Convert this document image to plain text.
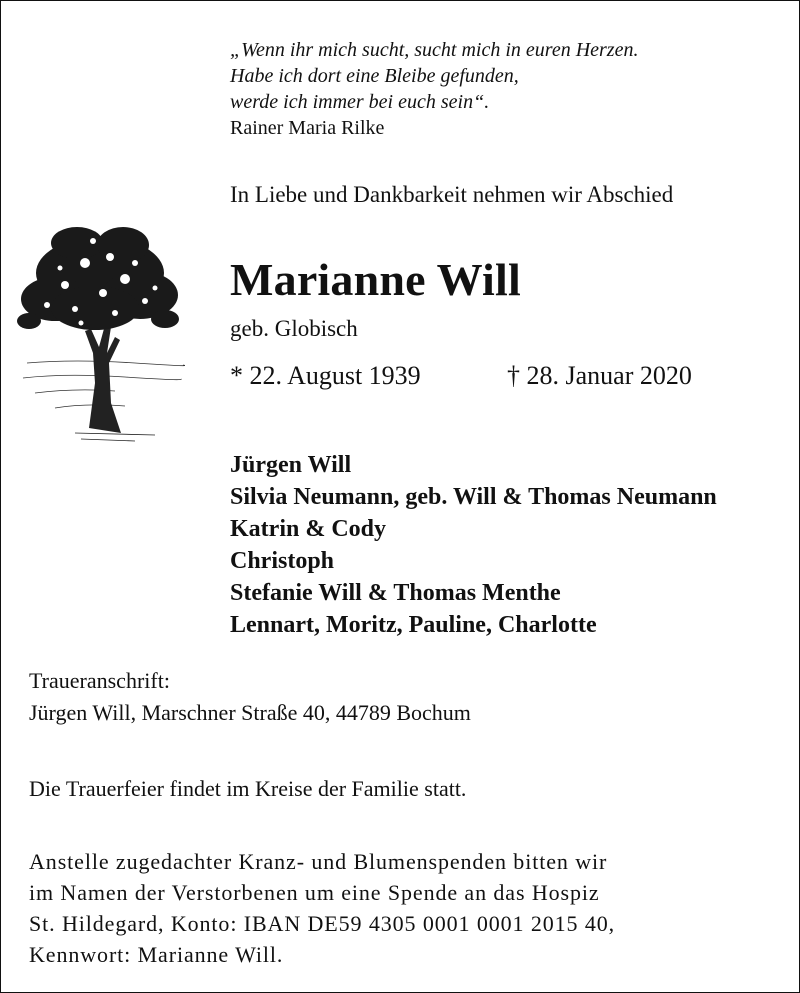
„Wenn ihr mich sucht, sucht mich in euren Herzen.
Habe ich dort eine Bleibe gefunden,
werde ich immer bei euch sein“.
Rainer Maria Rilke
In Liebe und Dankbarkeit nehmen wir Abschied
Marianne Will
geb. Globisch
* 22. August 1939	† 28. Januar 2020
Jürgen Will
Silvia Neumann, geb. Will & Thomas Neumann
Katrin & Cody
Christoph
Stefanie Will & Thomas Menthe
Lennart, Moritz, Pauline, Charlotte
Traueranschrift:
Jürgen Will, Marschner Straße 40, 44789 Bochum
Die Trauerfeier findet im Kreise der Familie statt.
Anstelle zugedachter Kranz- und Blumenspenden bitten wir
im Namen der Verstorbenen um eine Spende an das Hospiz
St. Hildegard, Konto: IBAN DE59 4305 0001 0001 2015 40,
Kennwort: Marianne Will.
